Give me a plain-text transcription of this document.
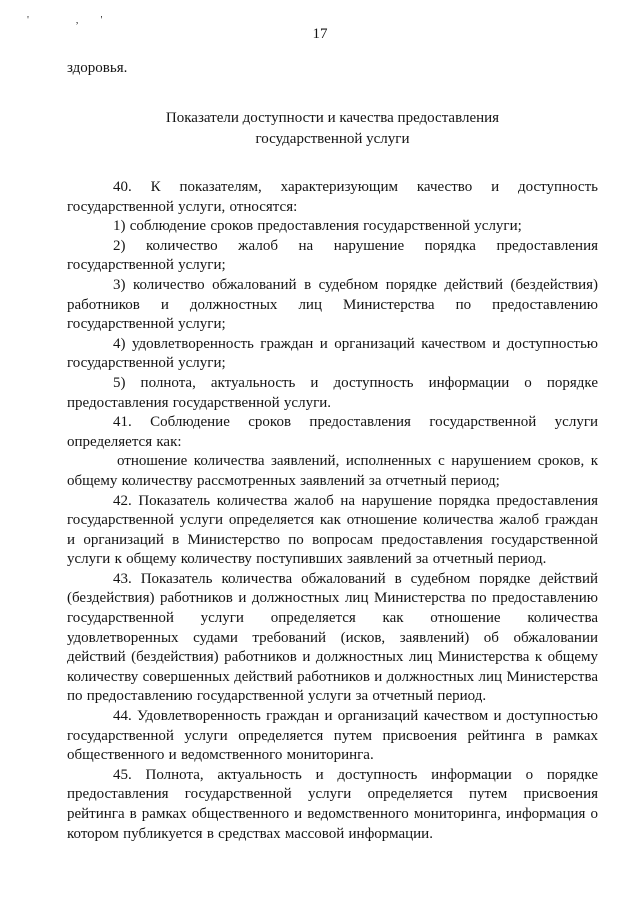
' ,'
17

здоровья.

Показатели доступности и качества предоставления
государственной услуги

40. К показателям, характеризующим качество и доступность государственной услуги, относятся:

1) соблюдение сроков предоставления государственной услуги;

2) количество жалоб на нарушение порядка предоставления государственной услуги;

3) количество обжалований в судебном порядке действий (бездействия) работников и должностных лиц Министерства по предоставлению государственной услуги;

4) удовлетворенность граждан и организаций качеством и доступностью государственной услуги;

5) полнота, актуальность и доступность информации о порядке предоставления государственной услуги.

41. Соблюдение сроков предоставления государственной услуги определяется как:

отношение количества заявлений, исполненных с нарушением сроков, к общему количеству рассмотренных заявлений за отчетный период;

42. Показатель количества жалоб на нарушение порядка предоставления государственной услуги определяется как отношение количества жалоб граждан и организаций в Министерство по вопросам предоставления государственной услуги к общему количеству поступивших заявлений за отчетный период.

43. Показатель количества обжалований в судебном порядке действий (бездействия) работников и должностных лиц Министерства по предоставлению государственной услуги определяется как отношение количества удовлетворенных судами требований (исков, заявлений) об обжаловании действий (бездействия) работников и должностных лиц Министерства к общему количеству совершенных действий работников и должностных лиц Министерства по предоставлению государственной услуги за отчетный период.

44. Удовлетворенность граждан и организаций качеством и доступностью государственной услуги определяется путем присвоения рейтинга в рамках общественного и ведомственного мониторинга.

45. Полнота, актуальность и доступность информации о порядке предоставления государственной услуги определяется путем присвоения рейтинга в рамках общественного и ведомственного мониторинга, информация о котором публикуется в средствах массовой информации.
